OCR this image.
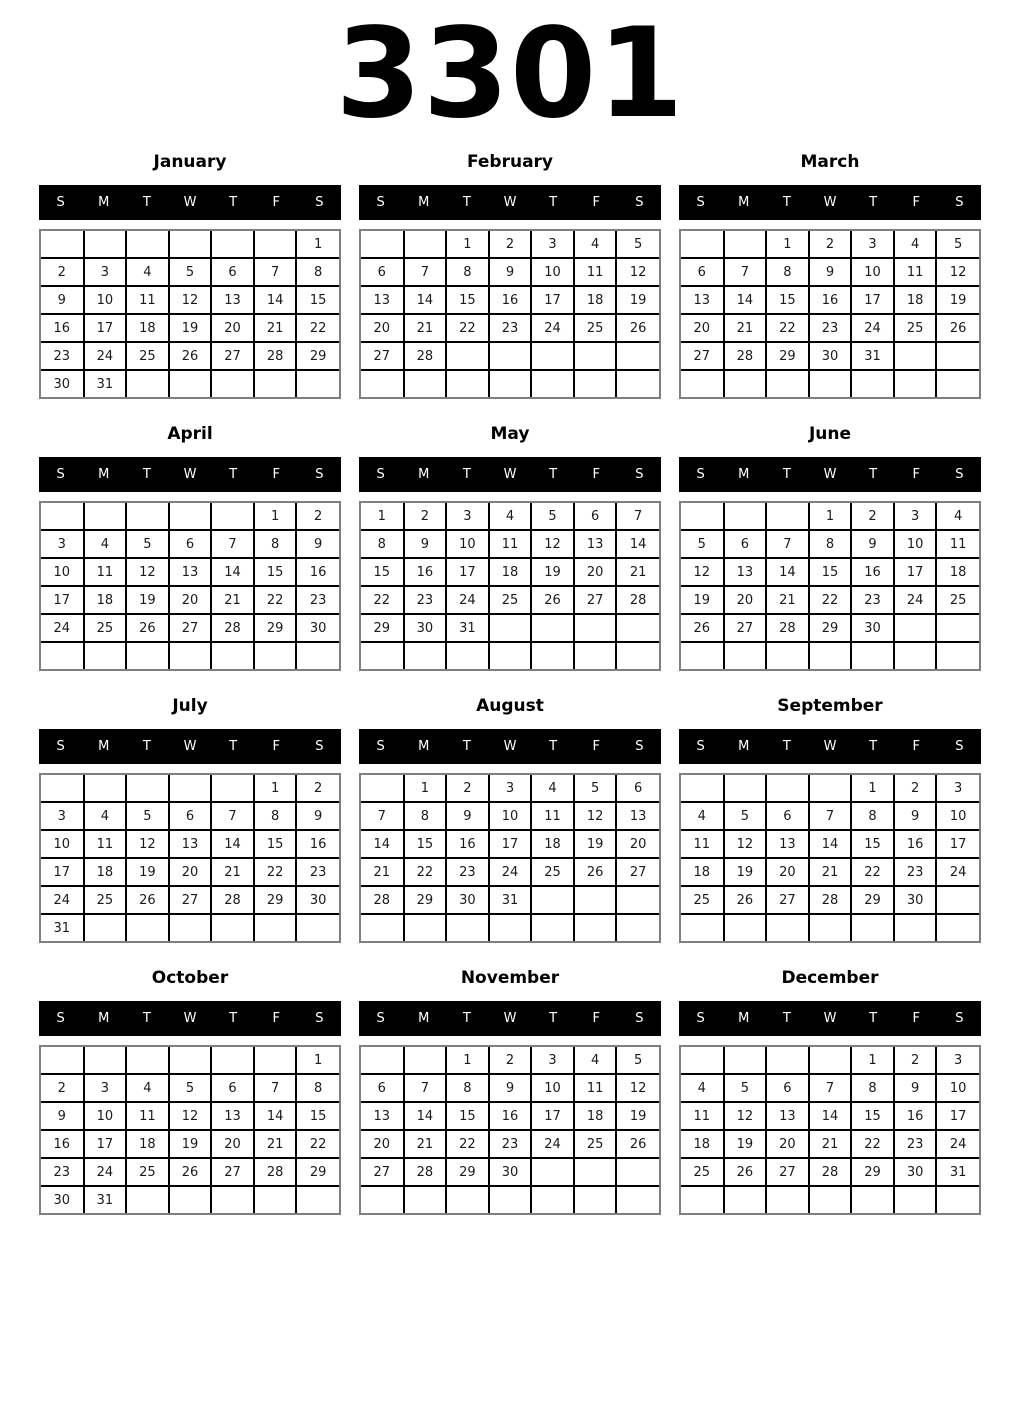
3301
January
S	M	T	W	T	F	S
						1
2	3	4	5	6	7	8
9	10	11	12	13	14	15
16	17	18	19	20	21	22
23	24	25	26	27	28	29
30	31					
February
S	M	T	W	T	F	S
		1	2	3	4	5
6	7	8	9	10	11	12
13	14	15	16	17	18	19
20	21	22	23	24	25	26
27	28					

March
S	M	T	W	T	F	S
		1	2	3	4	5
6	7	8	9	10	11	12
13	14	15	16	17	18	19
20	21	22	23	24	25	26
27	28	29	30	31		

April
S	M	T	W	T	F	S
					1	2
3	4	5	6	7	8	9
10	11	12	13	14	15	16
17	18	19	20	21	22	23
24	25	26	27	28	29	30

May
S	M	T	W	T	F	S
1	2	3	4	5	6	7
8	9	10	11	12	13	14
15	16	17	18	19	20	21
22	23	24	25	26	27	28
29	30	31				

June
S	M	T	W	T	F	S
			1	2	3	4
5	6	7	8	9	10	11
12	13	14	15	16	17	18
19	20	21	22	23	24	25
26	27	28	29	30		

July
S	M	T	W	T	F	S
					1	2
3	4	5	6	7	8	9
10	11	12	13	14	15	16
17	18	19	20	21	22	23
24	25	26	27	28	29	30
31						
August
S	M	T	W	T	F	S
	1	2	3	4	5	6
7	8	9	10	11	12	13
14	15	16	17	18	19	20
21	22	23	24	25	26	27
28	29	30	31			

September
S	M	T	W	T	F	S
				1	2	3
4	5	6	7	8	9	10
11	12	13	14	15	16	17
18	19	20	21	22	23	24
25	26	27	28	29	30	

October
S	M	T	W	T	F	S
						1
2	3	4	5	6	7	8
9	10	11	12	13	14	15
16	17	18	19	20	21	22
23	24	25	26	27	28	29
30	31					
November
S	M	T	W	T	F	S
		1	2	3	4	5
6	7	8	9	10	11	12
13	14	15	16	17	18	19
20	21	22	23	24	25	26
27	28	29	30			

December
S	M	T	W	T	F	S
				1	2	3
4	5	6	7	8	9	10
11	12	13	14	15	16	17
18	19	20	21	22	23	24
25	26	27	28	29	30	31
